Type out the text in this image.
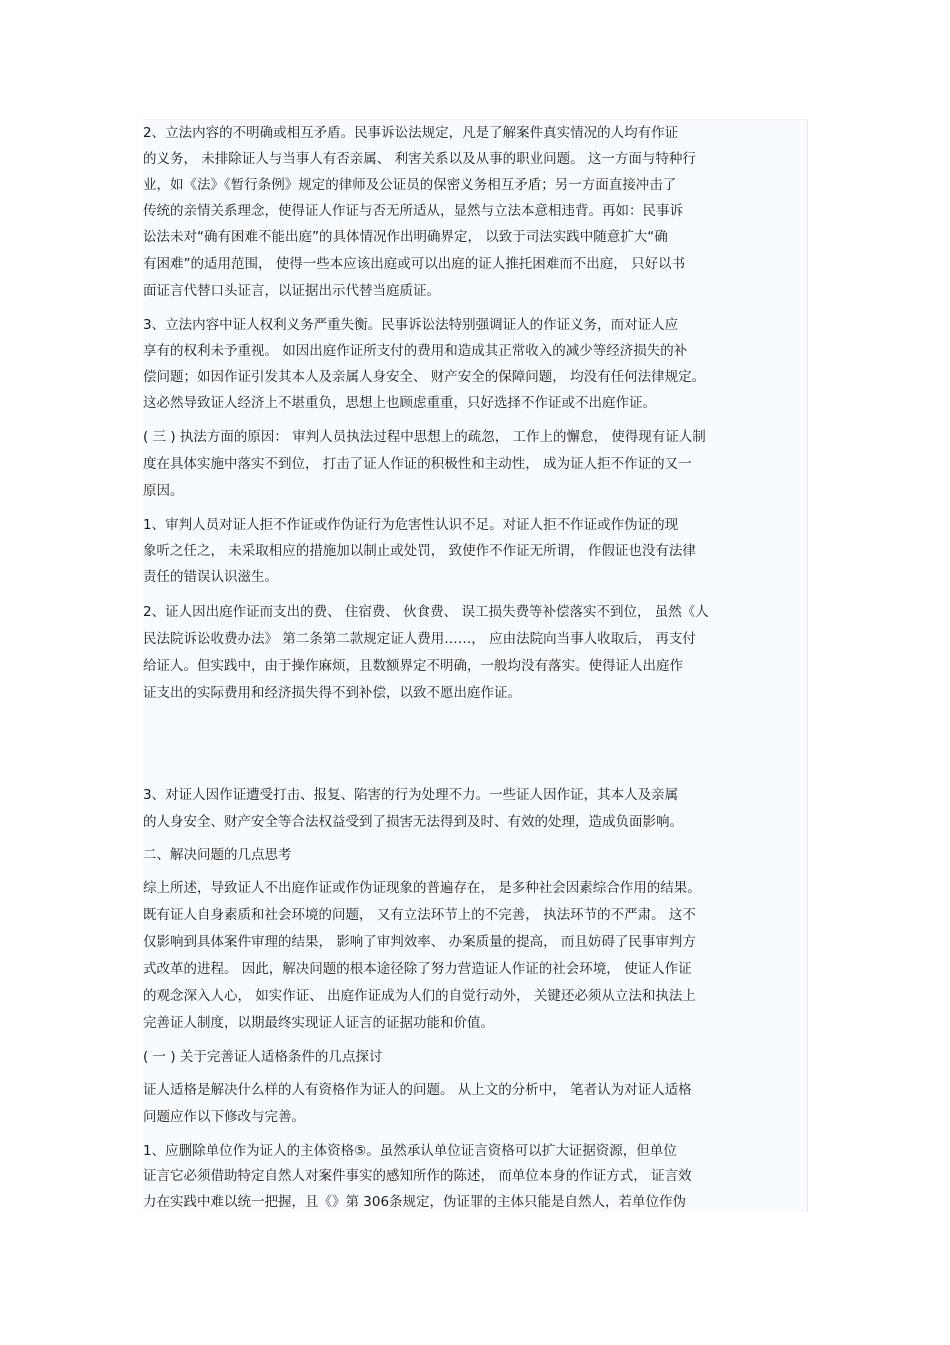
2、立法内容的不明确或相互矛盾。民事诉讼法规定，凡是了解案件真实情况的人均有作证
的义务， 未排除证人与当事人有否亲属、 利害关系以及从事的职业问题。 这一方面与特种行
业，如《法》《暂行条例》规定的律师及公证员的保密义务相互矛盾；另一方面直接冲击了
传统的亲情关系理念，使得证人作证与否无所适从，显然与立法本意相违背。再如：民事诉
讼法未对“确有困难不能出庭”的具体情况作出明确界定， 以致于司法实践中随意扩大“确
有困难”的适用范围， 使得一些本应该出庭或可以出庭的证人推托困难而不出庭， 只好以书
面证言代替口头证言，以证据出示代替当庭质证。
3、立法内容中证人权利义务严重失衡。民事诉讼法特别强调证人的作证义务，而对证人应
享有的权利未予重视。 如因出庭作证所支付的费用和造成其正常收入的减少等经济损失的补
偿问题；如因作证引发其本人及亲属人身安全、 财产安全的保障问题， 均没有任何法律规定。
这必然导致证人经济上不堪重负，思想上也顾虑重重，只好选择不作证或不出庭作证。
( 三 ) 执法方面的原因： 审判人员执法过程中思想上的疏忽， 工作上的懈怠， 使得现有证人制
度在具体实施中落实不到位， 打击了证人作证的积极性和主动性， 成为证人拒不作证的又一
原因。
1、审判人员对证人拒不作证或作伪证行为危害性认识不足。对证人拒不作证或作伪证的现
象听之任之， 未采取相应的措施加以制止或处罚， 致使作不作证无所谓， 作假证也没有法律
责任的错误认识滋生。
2、证人因出庭作证而支出的费、 住宿费、 伙食费、 误工损失费等补偿落实不到位， 虽然《人
民法院诉讼收费办法》 第二条第二款规定证人费用……， 应由法院向当事人收取后， 再支付
给证人。但实践中，由于操作麻烦，且数额界定不明确，一般均没有落实。使得证人出庭作
证支出的实际费用和经济损失得不到补偿，以致不愿出庭作证。
3、对证人因作证遭受打击、报复、陷害的行为处理不力。一些证人因作证，其本人及亲属
的人身安全、财产安全等合法权益受到了损害无法得到及时、有效的处理，造成负面影响。
二、解决问题的几点思考
综上所述，导致证人不出庭作证或作伪证现象的普遍存在， 是多种社会因素综合作用的结果。
既有证人自身素质和社会环境的问题， 又有立法环节上的不完善， 执法环节的不严肃。 这不
仅影响到具体案件审理的结果， 影响了审判效率、 办案质量的提高， 而且妨碍了民事审判方
式改革的进程。 因此，解决问题的根本途径除了努力营造证人作证的社会环境， 使证人作证
的观念深入人心， 如实作证、 出庭作证成为人们的自觉行动外， 关键还必须从立法和执法上
完善证人制度，以期最终实现证人证言的证据功能和价值。
( 一 ) 关于完善证人适格条件的几点探讨
证人适格是解决什么样的人有资格作为证人的问题。 从上文的分析中， 笔者认为对证人适格
问题应作以下修改与完善。
1、应删除单位作为证人的主体资格⑤。虽然承认单位证言资格可以扩大证据资源，但单位
证言它必须借助特定自然人对案件事实的感知所作的陈述， 而单位本身的作证方式， 证言效
力在实践中难以统一把握，且《》第 306条规定，伪证罪的主体只能是自然人，若单位作伪
